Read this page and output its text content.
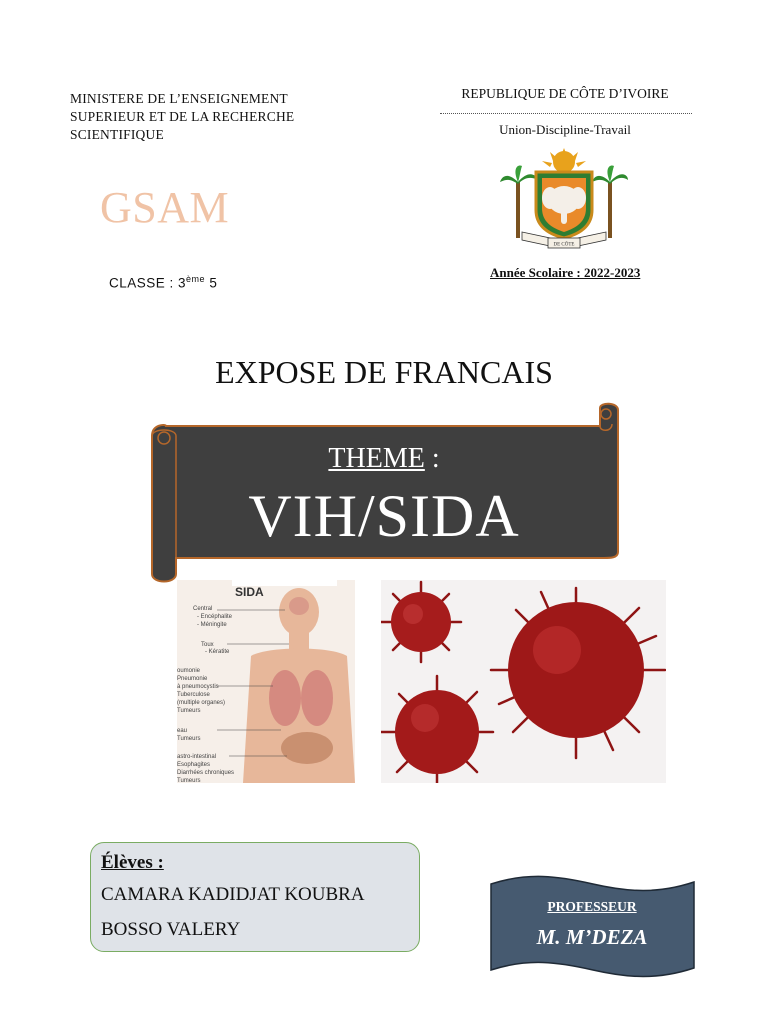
MINISTERE DE L’ENSEIGNEMENT
SUPERIEUR ET DE LA RECHERCHE
SCIENTIFIQUE
REPUBLIQUE DE CÔTE D’IVOIRE
Union-Discipline-Travail
DE CÔTE
GSAM
Année Scolaire : 2022-2023
CLASSE : 3ème 5
EXPOSE DE FRANCAIS
THEME :
VIH/SIDA
SIDA
Central
- Encéphalite
- Méningite
Toux
- Kératite
oumonie
Pneumonie
à pneumocystis
Tuberculose
(multiple organes)
Tumeurs
eau
Tumeurs
astro-intestinal
Esophagites
Diarrhées chroniques
Tumeurs
Élèves :
CAMARA KADIDJAT KOUBRA
BOSSO VALERY
PROFESSEUR
M. M’DEZA
